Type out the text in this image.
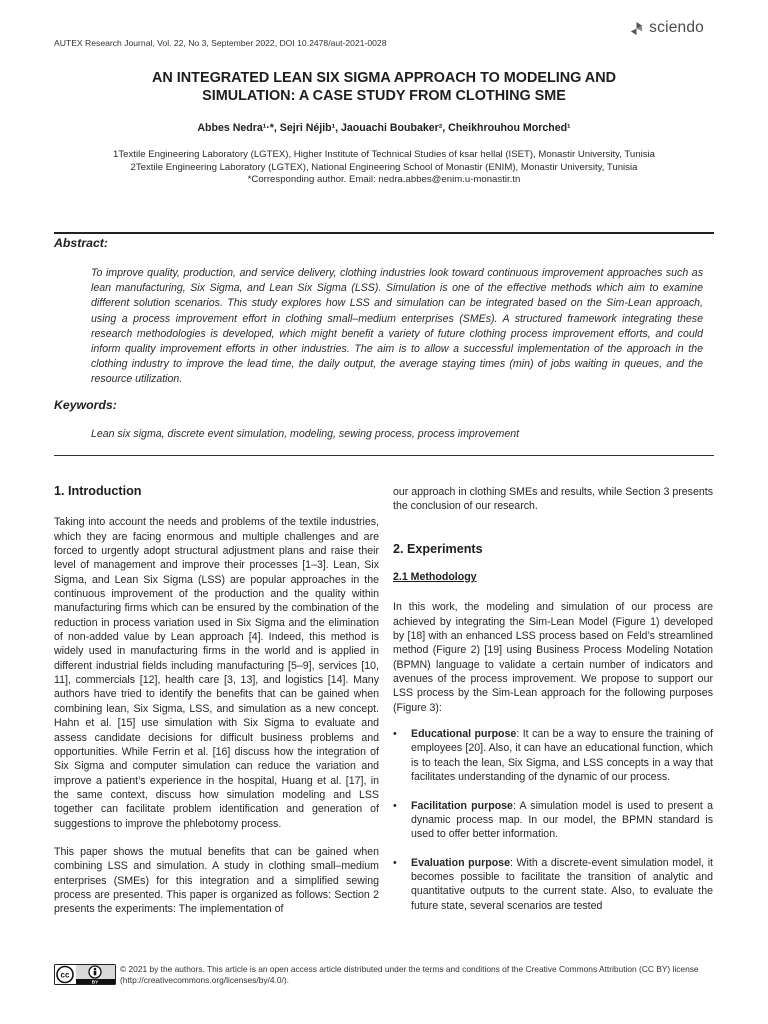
AUTEX Research Journal, Vol. 22, No 3, September 2022, DOI 10.2478/aut-2021-0028
sciendo
AN INTEGRATED LEAN SIX SIGMA APPROACH TO MODELING AND
SIMULATION: A CASE STUDY FROM CLOTHING SME
Abbes Nedra¹·*, Sejri Néjib¹, Jaouachi Boubaker², Cheikhrouhou Morched¹
1Textile Engineering Laboratory (LGTEX), Higher Institute of Technical Studies of ksar hellal (ISET), Monastir University, Tunisia
2Textile Engineering Laboratory (LGTEX), National Engineering School of Monastir (ENIM), Monastir University, Tunisia
*Corresponding author. Email: nedra.abbes@enim.u-monastir.tn
Abstract:
To improve quality, production, and service delivery, clothing industries look toward continuous improvement approaches such as lean manufacturing, Six Sigma, and Lean Six Sigma (LSS). Simulation is one of the effective methods which aim to examine different solution scenarios. This study explores how LSS and simulation can be integrated based on the Sim-Lean approach, using a process improvement effort in clothing small–medium enterprises (SMEs). A structured framework integrating these research methodologies is developed, which might benefit a variety of future clothing process improvement efforts, and could inform quality improvement efforts in other industries. The aim is to allow a successful implementation of the approach in the clothing industry to improve the lead time, the daily output, the average staying times (min) of jobs waiting in queues, and the resource utilization.
Keywords:
Lean six sigma, discrete event simulation, modeling, sewing process, process improvement
1. Introduction

Taking into account the needs and problems of the textile industries, which they are facing enormous and multiple challenges and are forced to urgently adopt structural adjustment plans and raise their level of management and improve their processes [1–3]. Lean, Six Sigma, and Lean Six Sigma (LSS) are popular approaches in the continuous improvement of the production and the quality within manufacturing firms which can be ensured by the combination of the reduction in process variation used in Six Sigma and the elimination of non-added value by Lean approach [4]. Indeed, this method is widely used in manufacturing firms in the world and is applied in different industrial fields including manufacturing [5–9], services [10, 11], commercials [12], health care [3, 13], and logistics [14]. Many authors have tried to identify the benefits that can be gained when combining lean, Six Sigma, LSS, and simulation as a new concept. Hahn et al. [15] use simulation with Six Sigma to evaluate and assess candidate decisions for difficult business problems and opportunities. While Ferrin et al. [16] discuss how the integration of Six Sigma and computer simulation can reduce the variation and improve a patient’s experience in the hospital, Huang et al. [17], in the same context, discuss how simulation modeling and LSS together can facilitate problem identification and generation of suggestions to improve the phlebotomy process.

This paper shows the mutual benefits that can be gained when combining LSS and simulation. A study in clothing small–medium enterprises (SMEs) for this integration and a simplified sewing process are presented. This paper is organized as follows: Section 2 presents the experiments: The implementation of

our approach in clothing SMEs and results, while Section 3 presents the conclusion of our research.

2. Experiments
2.1 Methodology

In this work, the modeling and simulation of our process are achieved by integrating the Sim-Lean Model (Figure 1) developed by [18] with an enhanced LSS process based on Feld’s streamlined method (Figure 2) [19] using Business Process Modeling Notation (BPMN) language to validate a certain number of indicators and avenues of the process improvement. We propose to support our LSS process by the Sim-Lean approach for the following purposes (Figure 3):

•	Educational purpose: It can be a way to ensure the training of employees [20]. Also, it can have an educational function, which is to teach the lean, Six Sigma, and LSS concepts in a way that facilitates understanding of the dynamic of our process.
•	Facilitation purpose: A simulation model is used to present a dynamic process map. In our model, the BPMN standard is used to offer better information.
•	Evaluation purpose: With a discrete-event simulation model, it becomes possible to facilitate the transition of analytic and quantitative outputs to the current state. Also, to evaluate the future state, several scenarios are tested
cc
BY
© 2021 by the authors. This article is an open access article distributed under the terms and conditions of the Creative Commons Attribution (CC BY) license
(http://creativecommons.org/licenses/by/4.0/).
